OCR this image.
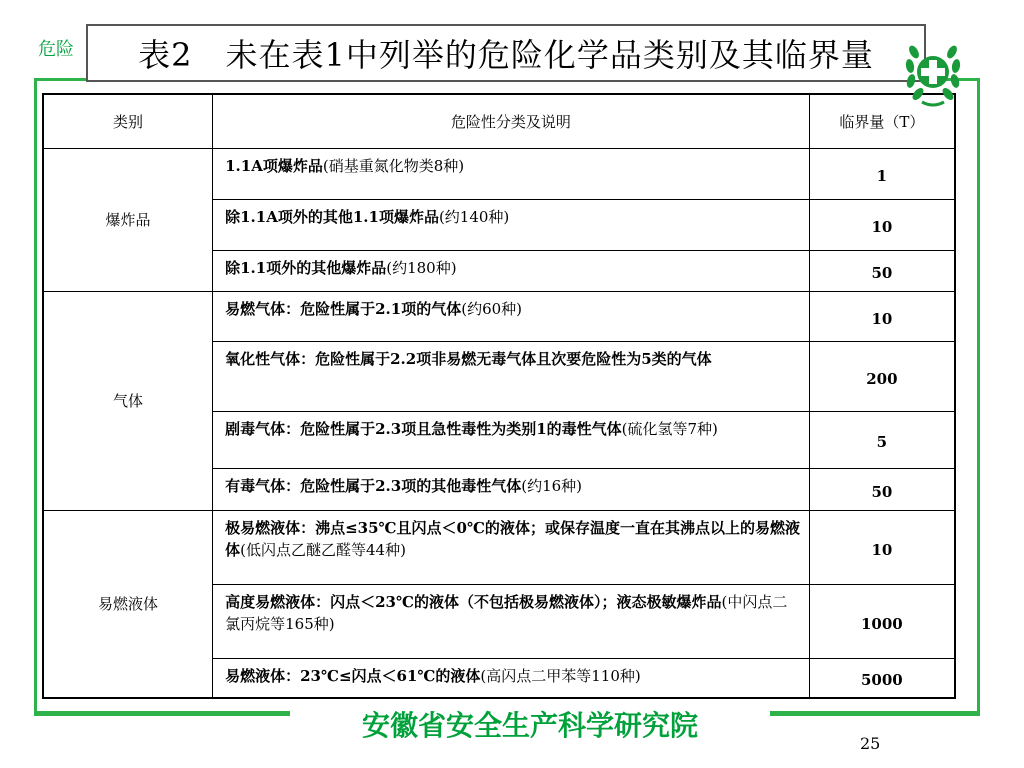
危险	表2　未在表1中列举的危险化学品类别及其临界量
类别	危险性分类及说明	临界量（T）
爆炸品	1.1A项爆炸品(硝基重氮化物类8种)	1
	除1.1A项外的其他1.1项爆炸品(约140种)	10
	除1.1项外的其他爆炸品(约180种)	50
气体	易燃气体：危险性属于2.1项的气体(约60种)	10
	氧化性气体：危险性属于2.2项非易燃无毒气体且次要危险性为5类的气体	200
	剧毒气体：危险性属于2.3项且急性毒性为类别1的毒性气体(硫化氢等7种)	5
	有毒气体：危险性属于2.3项的其他毒性气体(约16种)	50
易燃液体	极易燃液体：沸点≤35℃且闪点＜0℃的液体；或保存温度一直在其沸点以上的易燃液体(低闪点乙醚乙醛等44种)	10
	高度易燃液体：闪点＜23℃的液体（不包括极易燃液体）；液态极敏爆炸品(中闪点二氯丙烷等165种)	1000
	易燃液体：23℃≤闪点＜61℃的液体(高闪点二甲苯等110种)	5000
安徽省安全生产科学研究院
25
